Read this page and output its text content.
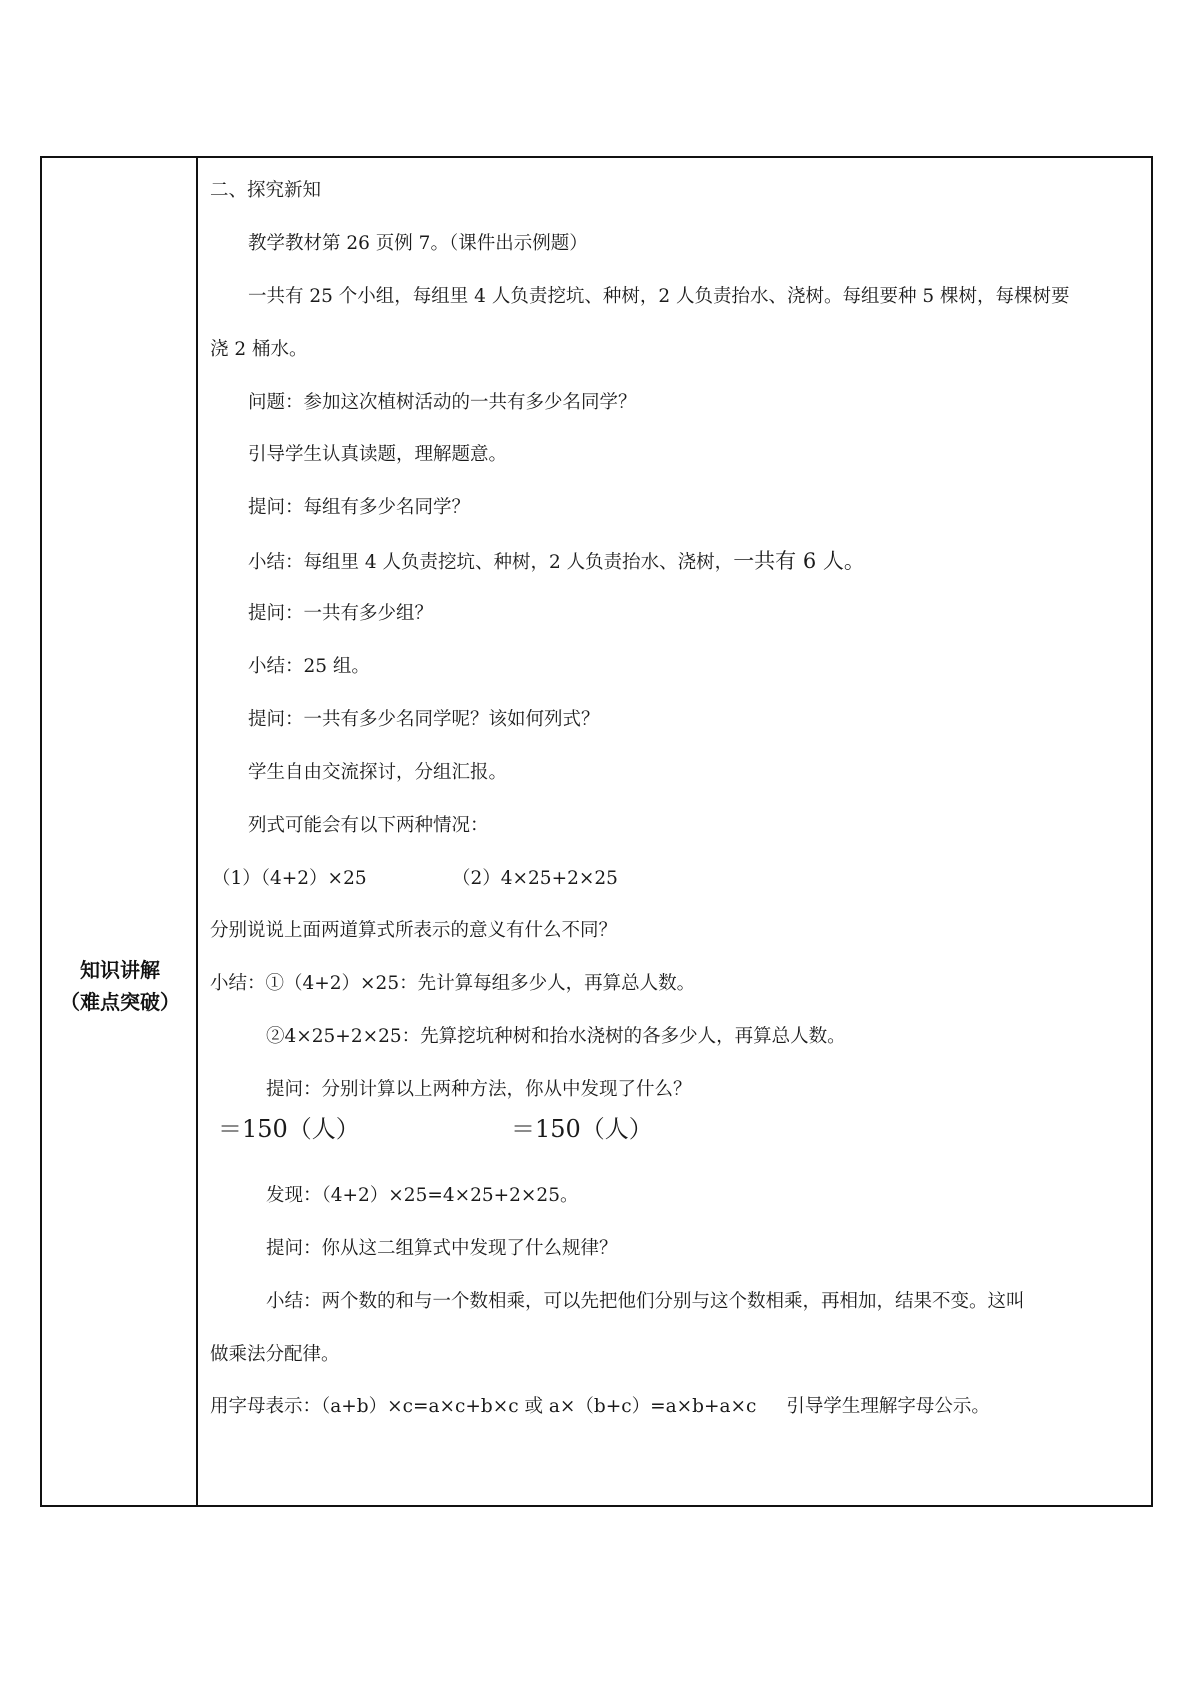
知识讲解
（难点突破）
二、探究新知
教学教材第 26 页例 7。（课件出示例题）
一共有 25 个小组，每组里 4 人负责挖坑、种树，2 人负责抬水、浇树。每组要种 5 棵树，每棵树要
浇 2 桶水。
问题：参加这次植树活动的一共有多少名同学？
引导学生认真读题，理解题意。
提问：每组有多少名同学？
小结：每组里 4 人负责挖坑、种树，2 人负责抬水、浇树，一共有 6 人。
提问：一共有多少组？
小结：25 组。
提问：一共有多少名同学呢？该如何列式？
学生自由交流探讨，分组汇报。
列式可能会有以下两种情况：
（1）（4+2）×25	（2）4×25+2×25
分别说说上面两道算式所表示的意义有什么不同？
小结：①（4+2）×25：先计算每组多少人，再算总人数。
②4×25+2×25：先算挖坑种树和抬水浇树的各多少人，再算总人数。
提问：分别计算以上两种方法，你从中发现了什么？
＝150（人）	＝150（人）
发现：（4+2）×25=4×25+2×25。
提问：你从这二组算式中发现了什么规律？
小结：两个数的和与一个数相乘，可以先把他们分别与这个数相乘，再相加，结果不变。这叫
做乘法分配律。
用字母表示：（a+b）×c=a×c+b×c 或 a×（b+c）=a×b+a×c 引导学生理解字母公示。
